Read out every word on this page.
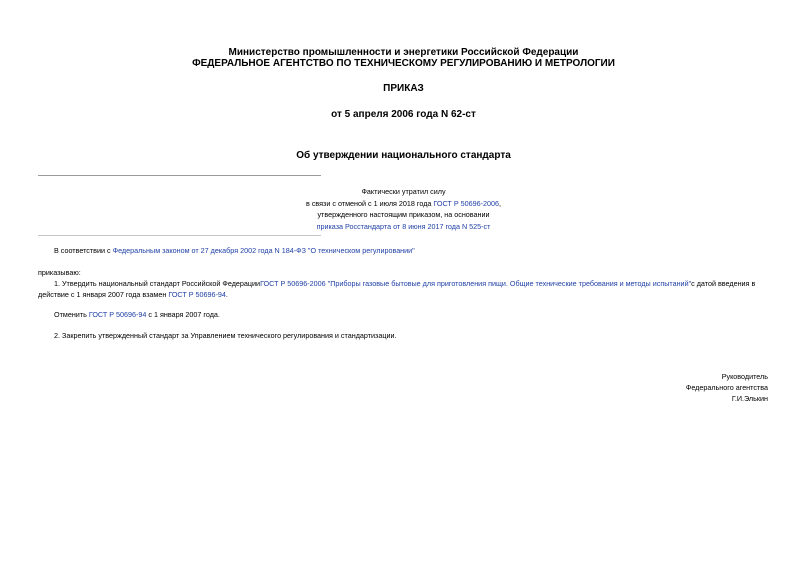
Министерство промышленности и энергетики Российской Федерации
ФЕДЕРАЛЬНОЕ АГЕНТСТВО ПО ТЕХНИЧЕСКОМУ РЕГУЛИРОВАНИЮ И МЕТРОЛОГИИ
ПРИКАЗ
от 5 апреля 2006 года N 62-ст
Об утверждении национального стандарта
Фактически утратил силу
в связи с отменой с 1 июля 2018 года ГОСТ Р 50696-2006,
утвержденного настоящим приказом, на основании
приказа Росстандарта от 8 июня 2017 года N 525-ст
В соответствии с Федеральным законом от 27 декабря 2002 года N 184-ФЗ "О техническом регулировании"
приказываю:
1. Утвердить национальный стандарт Российской ФедерацииГОСТ Р 50696-2006 "Приборы газовые бытовые для приготовления пищи. Общие технические требования и методы испытаний"с датой введения в
действие с 1 января 2007 года взамен ГОСТ Р 50696-94.
Отменить ГОСТ Р 50696-94 с 1 января 2007 года.
2. Закрепить утвержденный стандарт за Управлением технического регулирования и стандартизации.
Руководитель
Федерального агентства
Г.И.Элькин
